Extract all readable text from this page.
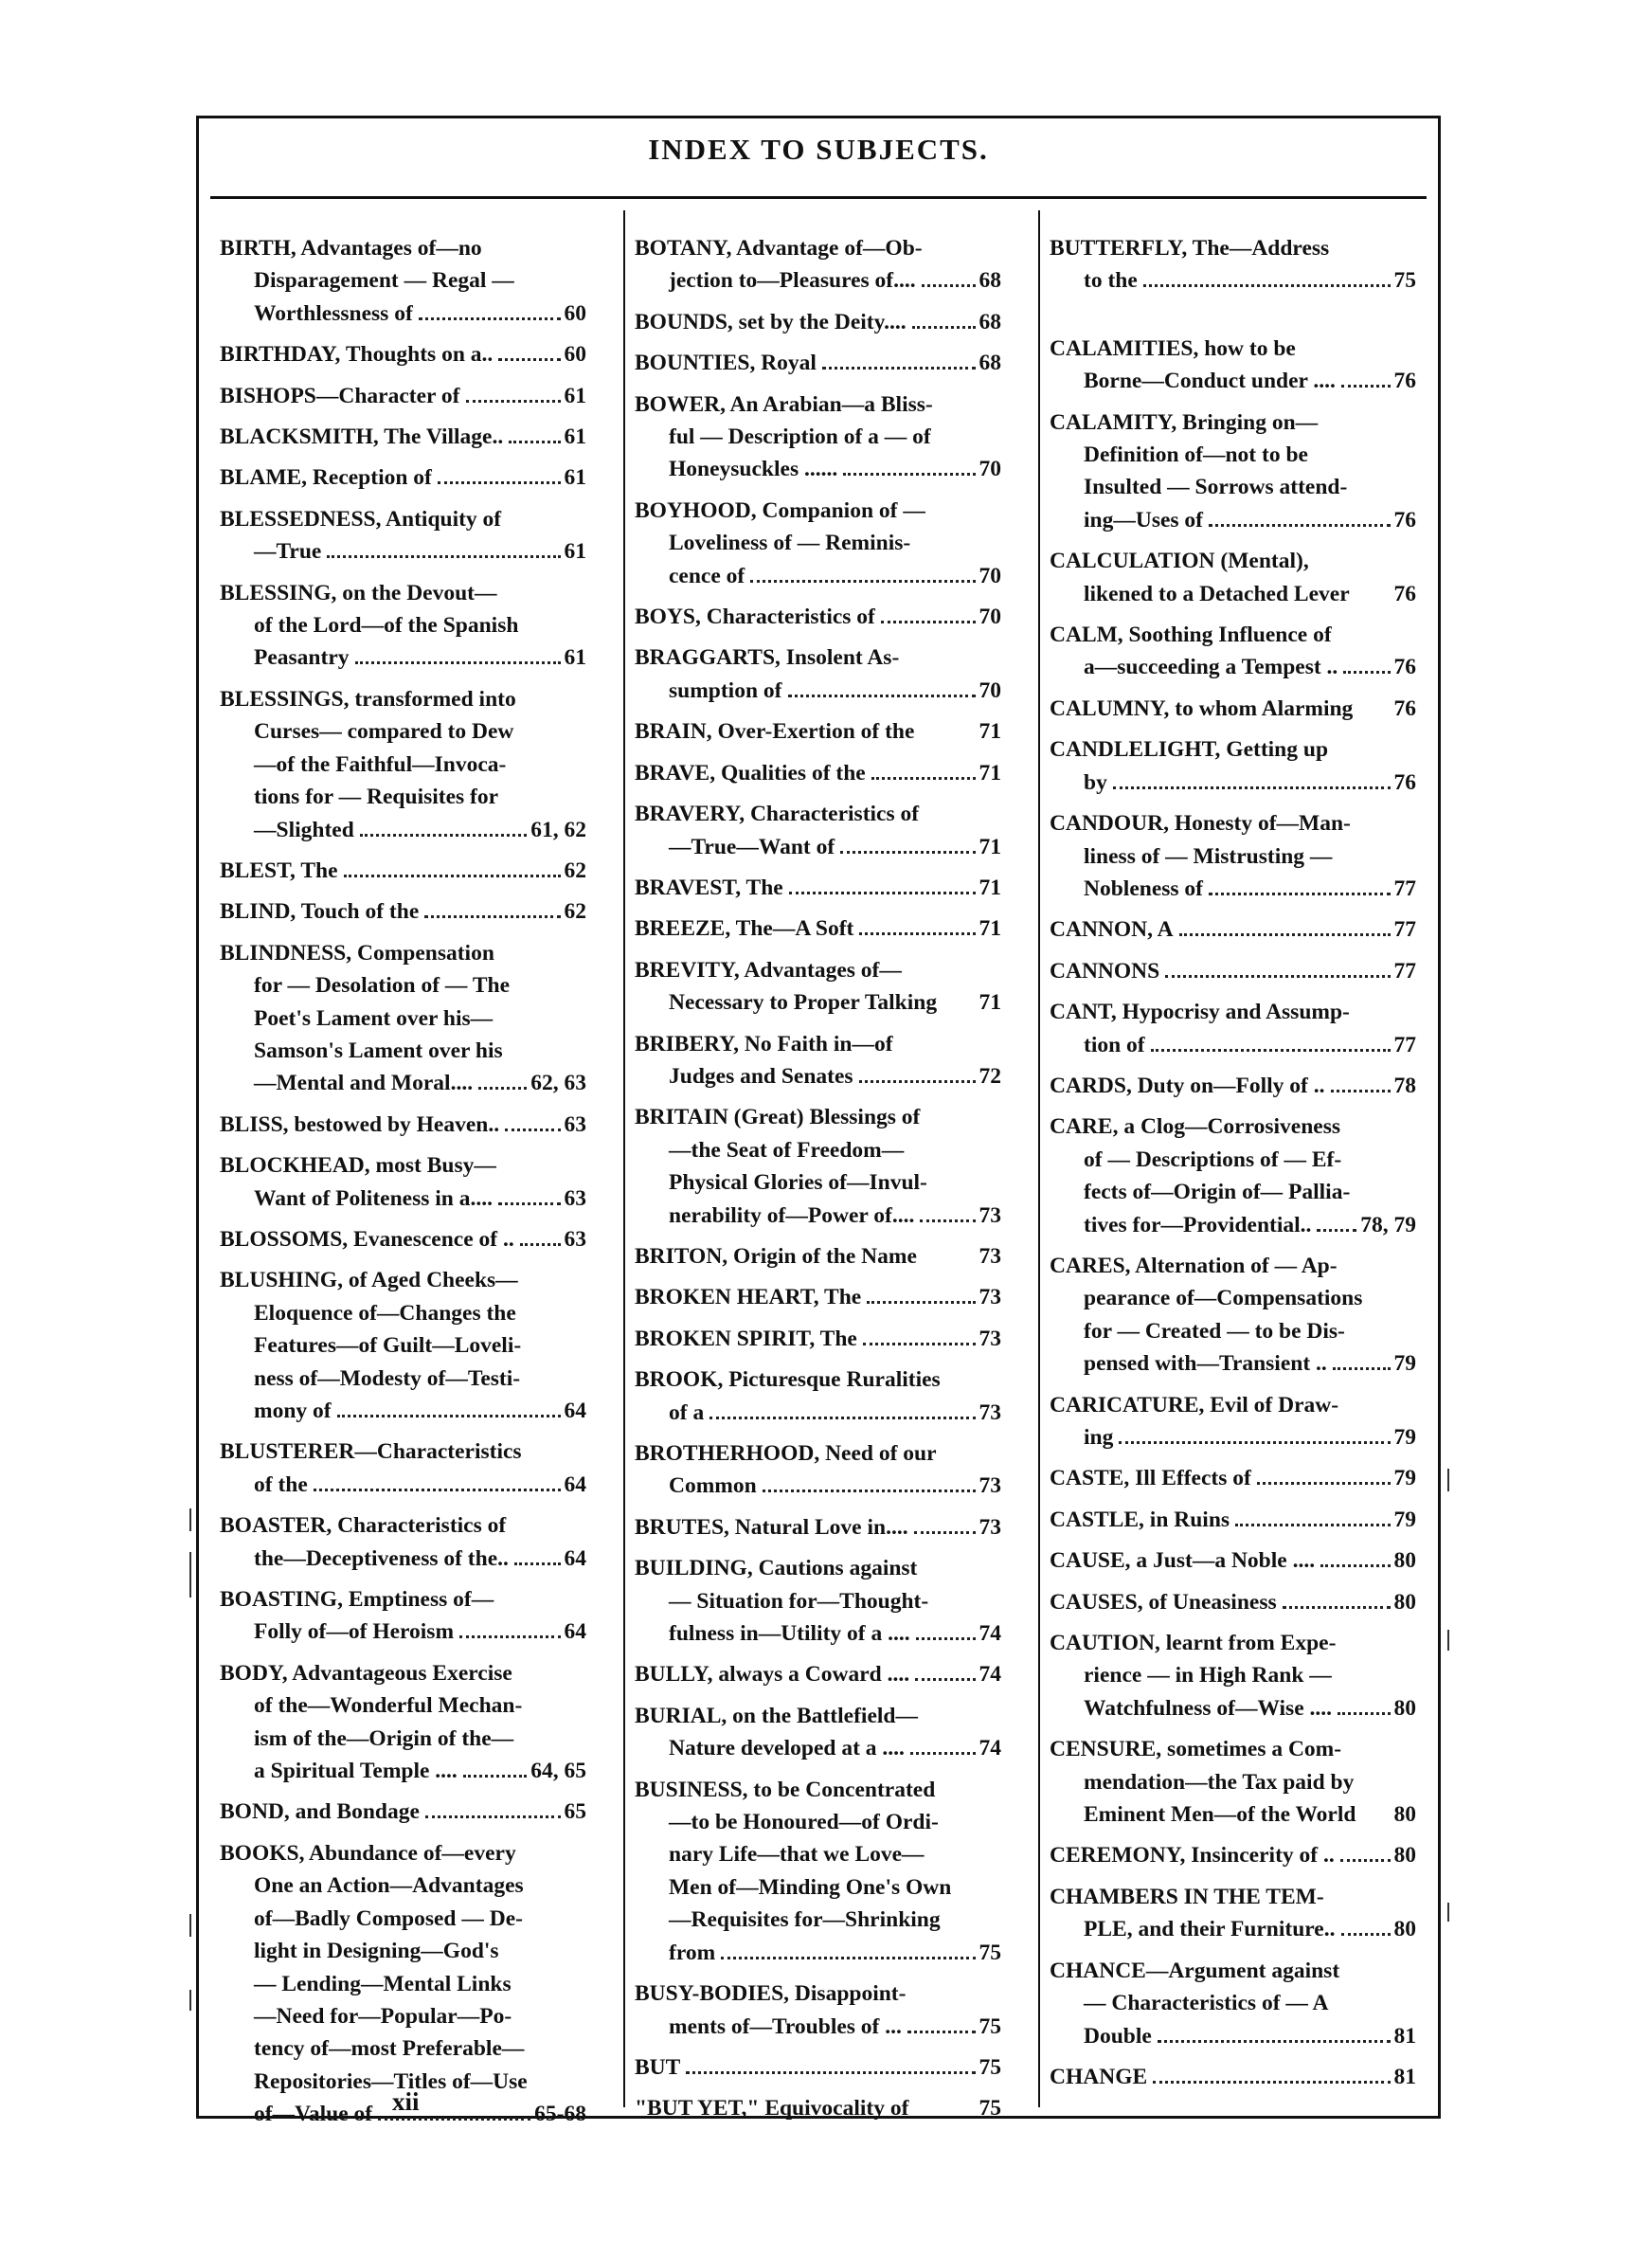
INDEX TO SUBJECTS.
BIRTH, Advantages of—no
Disparagement — Regal —
Worthlessness of	60
BIRTHDAY, Thoughts on a..	60
BISHOPS—Character of	61
BLACKSMITH, The Village..	61
BLAME, Reception of	61
BLESSEDNESS, Antiquity of
—True	61
BLESSING, on the Devout—
of the Lord—of the Spanish
Peasantry	61
BLESSINGS, transformed into
Curses— compared to Dew
—of the Faithful—Invoca-
tions for — Requisites for
—Slighted	61, 62
BLEST, The	62
BLIND, Touch of the	62
BLINDNESS, Compensation
for — Desolation of — The
Poet's Lament over his—
Samson's Lament over his
—Mental and Moral....	62, 63
BLISS, bestowed by Heaven..	63
BLOCKHEAD, most Busy—
Want of Politeness in a....	63
BLOSSOMS, Evanescence of .. 63
BLUSHING, of Aged Cheeks—
Eloquence of—Changes the
Features—of Guilt—Loveli-
ness of—Modesty of—Testi-
mony of	64
BLUSTERER—Characteristics
of the	64
BOASTER, Characteristics of
the—Deceptiveness of the.. 64
BOASTING, Emptiness of—
Folly of—of Heroism	64
BODY, Advantageous Exercise
of the—Wonderful Mechan-
ism of the—Origin of the—
a Spiritual Temple ....	64, 65
BOND, and Bondage	65
BOOKS, Abundance of—every
One an Action—Advantages
of—Badly Composed — De-
light in Designing—God's
— Lending—Mental Links
—Need for—Popular—Po-
tency of—most Preferable—
Repositories—Titles of—Use
of—Value of	65-68
BOTANY, Advantage of—Ob-
jection to—Pleasures of....	68
BOUNDS, set by the Deity....	68
BOUNTIES, Royal	68
BOWER, An Arabian—a Bliss-
ful — Description of a — of
Honeysuckles ......	70
BOYHOOD, Companion of —
Loveliness of — Reminis-
cence of	70
BOYS, Characteristics of	70
BRAGGARTS, Insolent As-
sumption of	70
BRAIN, Over-Exertion of the	71
BRAVE, Qualities of the	71
BRAVERY, Characteristics of
—True—Want of	71
BRAVEST, The	71
BREEZE, The—A Soft	71
BREVITY, Advantages of—
Necessary to Proper Talking 71
BRIBERY, No Faith in—of
Judges and Senates	72
BRITAIN (Great) Blessings of
—the Seat of Freedom—
Physical Glories of—Invul-
nerability of—Power of....	73
BRITON, Origin of the Name	73
BROKEN HEART, The	73
BROKEN SPIRIT, The	73
BROOK, Picturesque Ruralities
of a	73
BROTHERHOOD, Need of our
Common	73
BRUTES, Natural Love in....	73
BUILDING, Cautions against
— Situation for—Thought-
fulness in—Utility of a ....	74
BULLY, always a Coward ....	74
BURIAL, on the Battlefield—
Nature developed at a ....	74
BUSINESS, to be Concentrated
—to be Honoured—of Ordi-
nary Life—that we Love—
Men of—Minding One's Own
—Requisites for—Shrinking
from	75
BUSY-BODIES, Disappoint-
ments of—Troubles of ...	75
BUT	75
"BUT YET," Equivocality of	75
BUTTERFLY, The—Address
to the	75
CALAMITIES, how to be
Borne—Conduct under ....	76
CALAMITY, Bringing on—
Definition of—not to be
Insulted — Sorrows attend-
ing—Uses of	76
CALCULATION (Mental),
likened to a Detached Lever 76
CALM, Soothing Influence of
a—succeeding a Tempest ..	76
CALUMNY, to whom Alarming 76
CANDLELIGHT, Getting up
by	76
CANDOUR, Honesty of—Man-
liness of — Mistrusting —
Nobleness of	77
CANNON, A	77
CANNONS	77
CANT, Hypocrisy and Assump-
tion of	77
CARDS, Duty on—Folly of ..	78
CARE, a Clog—Corrosiveness
of — Descriptions of — Ef-
fects of—Origin of— Pallia-
tives for—Providential.. 78, 79
CARES, Alternation of — Ap-
pearance of—Compensations
for — Created — to be Dis-
pensed with—Transient ..	79
CARICATURE, Evil of Draw-
ing	79
CASTE, Ill Effects of	79
CASTLE, in Ruins	79
CAUSE, a Just—a Noble ....	80
CAUSES, of Uneasiness	80
CAUTION, learnt from Expe-
rience — in High Rank —
Watchfulness of—Wise ....	80
CENSURE, sometimes a Com-
mendation—the Tax paid by
Eminent Men—of the World 80
CEREMONY, Insincerity of ..	80
CHAMBERS IN THE TEM-
PLE, and their Furniture..	80
CHANCE—Argument against
— Characteristics of — A
Double	81
CHANGE	81
xii
